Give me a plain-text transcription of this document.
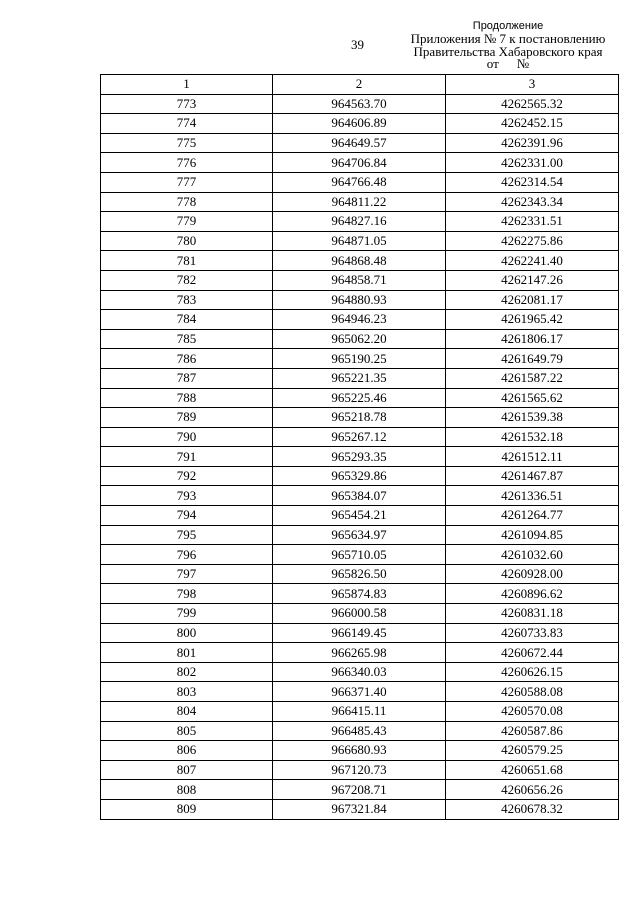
39
Продолжение
Приложения № 7 к постановлению
Правительства Хабаровского края
от №
1	2	3
773	964563.70	4262565.32
774	964606.89	4262452.15
775	964649.57	4262391.96
776	964706.84	4262331.00
777	964766.48	4262314.54
778	964811.22	4262343.34
779	964827.16	4262331.51
780	964871.05	4262275.86
781	964868.48	4262241.40
782	964858.71	4262147.26
783	964880.93	4262081.17
784	964946.23	4261965.42
785	965062.20	4261806.17
786	965190.25	4261649.79
787	965221.35	4261587.22
788	965225.46	4261565.62
789	965218.78	4261539.38
790	965267.12	4261532.18
791	965293.35	4261512.11
792	965329.86	4261467.87
793	965384.07	4261336.51
794	965454.21	4261264.77
795	965634.97	4261094.85
796	965710.05	4261032.60
797	965826.50	4260928.00
798	965874.83	4260896.62
799	966000.58	4260831.18
800	966149.45	4260733.83
801	966265.98	4260672.44
802	966340.03	4260626.15
803	966371.40	4260588.08
804	966415.11	4260570.08
805	966485.43	4260587.86
806	966680.93	4260579.25
807	967120.73	4260651.68
808	967208.71	4260656.26
809	967321.84	4260678.32
